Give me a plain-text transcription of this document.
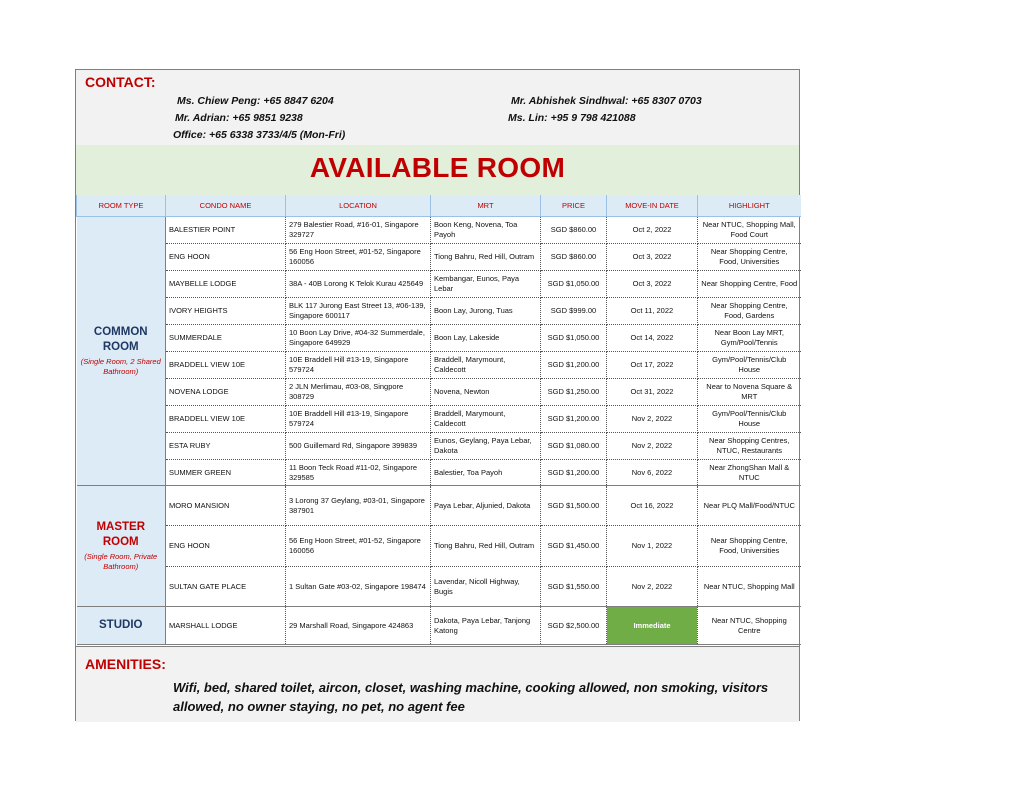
CONTACT:
Ms. Chiew Peng: +65 8847 6204	Mr. Abhishek Sindhwal: +65 8307 0703
Mr. Adrian: +65 9851 9238	Ms. Lin: +95 9 798 421088
Office: +65 6338 3733/4/5 (Mon-Fri)
AVAILABLE ROOM
ROOM TYPE	CONDO NAME	LOCATION	MRT	PRICE	MOVE-IN DATE	HIGHLIGHT

COMMON ROOM
(Single Room, 2 Shared Bathroom)	BALESTIER POINT	279 Balestier Road, #16-01, Singapore 329727	Boon Keng, Novena, Toa Payoh	SGD $860.00	Oct 2, 2022	Near NTUC, Shopping Mall, Food Court
	ENG HOON	56 Eng Hoon Street, #01-52, Singapore 160056	Tiong Bahru, Red Hill, Outram	SGD $860.00	Oct 3, 2022	Near Shopping Centre, Food, Universities
	MAYBELLE LODGE	38A - 40B Lorong K Telok Kurau 425649	Kembangar, Eunos, Paya Lebar	SGD $1,050.00	Oct 3, 2022	Near Shopping Centre, Food
	IVORY HEIGHTS	BLK 117 Jurong East Street 13, #06-139, Singapore 600117	Boon Lay, Jurong, Tuas	SGD $999.00	Oct 11, 2022	Near Shopping Centre, Food, Gardens
	SUMMERDALE	10 Boon Lay Drive, #04-32 Summerdale, Singapore 649929	Boon Lay, Lakeside	SGD $1,050.00	Oct 14, 2022	Near Boon Lay MRT, Gym/Pool/Tennis
	BRADDELL VIEW 10E	10E Braddell Hill #13-19, Singapore 579724	Braddell, Marymount, Caldecott	SGD $1,200.00	Oct 17, 2022	Gym/Pool/Tennis/Club House
	NOVENA LODGE	2 JLN Merlimau, #03-08, Singpore 308729	Novena, Newton	SGD $1,250.00	Oct 31, 2022	Near to Novena Square & MRT
	BRADDELL VIEW 10E	10E Braddell Hill #13-19, Singapore 579724	Braddell, Marymount, Caldecott	SGD $1,200.00	Nov 2, 2022	Gym/Pool/Tennis/Club House
	ESTA RUBY	500 Guillemard Rd, Singapore 399839	Eunos, Geylang, Paya Lebar, Dakota	SGD $1,080.00	Nov 2, 2022	Near Shopping Centres, NTUC, Restaurants
	SUMMER GREEN	11 Boon Teck Road #11-02, Singapore 329585	Balestier, Toa Payoh	SGD $1,200.00	Nov 6, 2022	Near ZhongShan Mall & NTUC

MASTER ROOM
(Single Room, Private Bathroom)	MORO MANSION	3 Lorong 37 Geylang, #03-01, Singapore 387901	Paya Lebar, Aljunied, Dakota	SGD $1,500.00	Oct 16, 2022	Near PLQ Mall/Food/NTUC
	ENG HOON	56 Eng Hoon Street, #01-52, Singapore 160056	Tiong Bahru, Red Hill, Outram	SGD $1,450.00	Nov 1, 2022	Near Shopping Centre, Food, Universities
	SULTAN GATE PLACE	1 Sultan Gate #03-02, Singapore 198474	Lavendar, Nicoll Highway, Bugis	SGD $1,550.00	Nov 2, 2022	Near NTUC, Shopping Mall

STUDIO	MARSHALL LODGE	29 Marshall Road, Singapore 424863	Dakota, Paya Lebar, Tanjong Katong	SGD $2,500.00	Immediate	Near NTUC, Shopping Centre
AMENITIES:
Wifi, bed, shared toilet, aircon, closet, washing machine, cooking allowed, non smoking, visitors allowed, no owner staying, no pet, no agent fee
